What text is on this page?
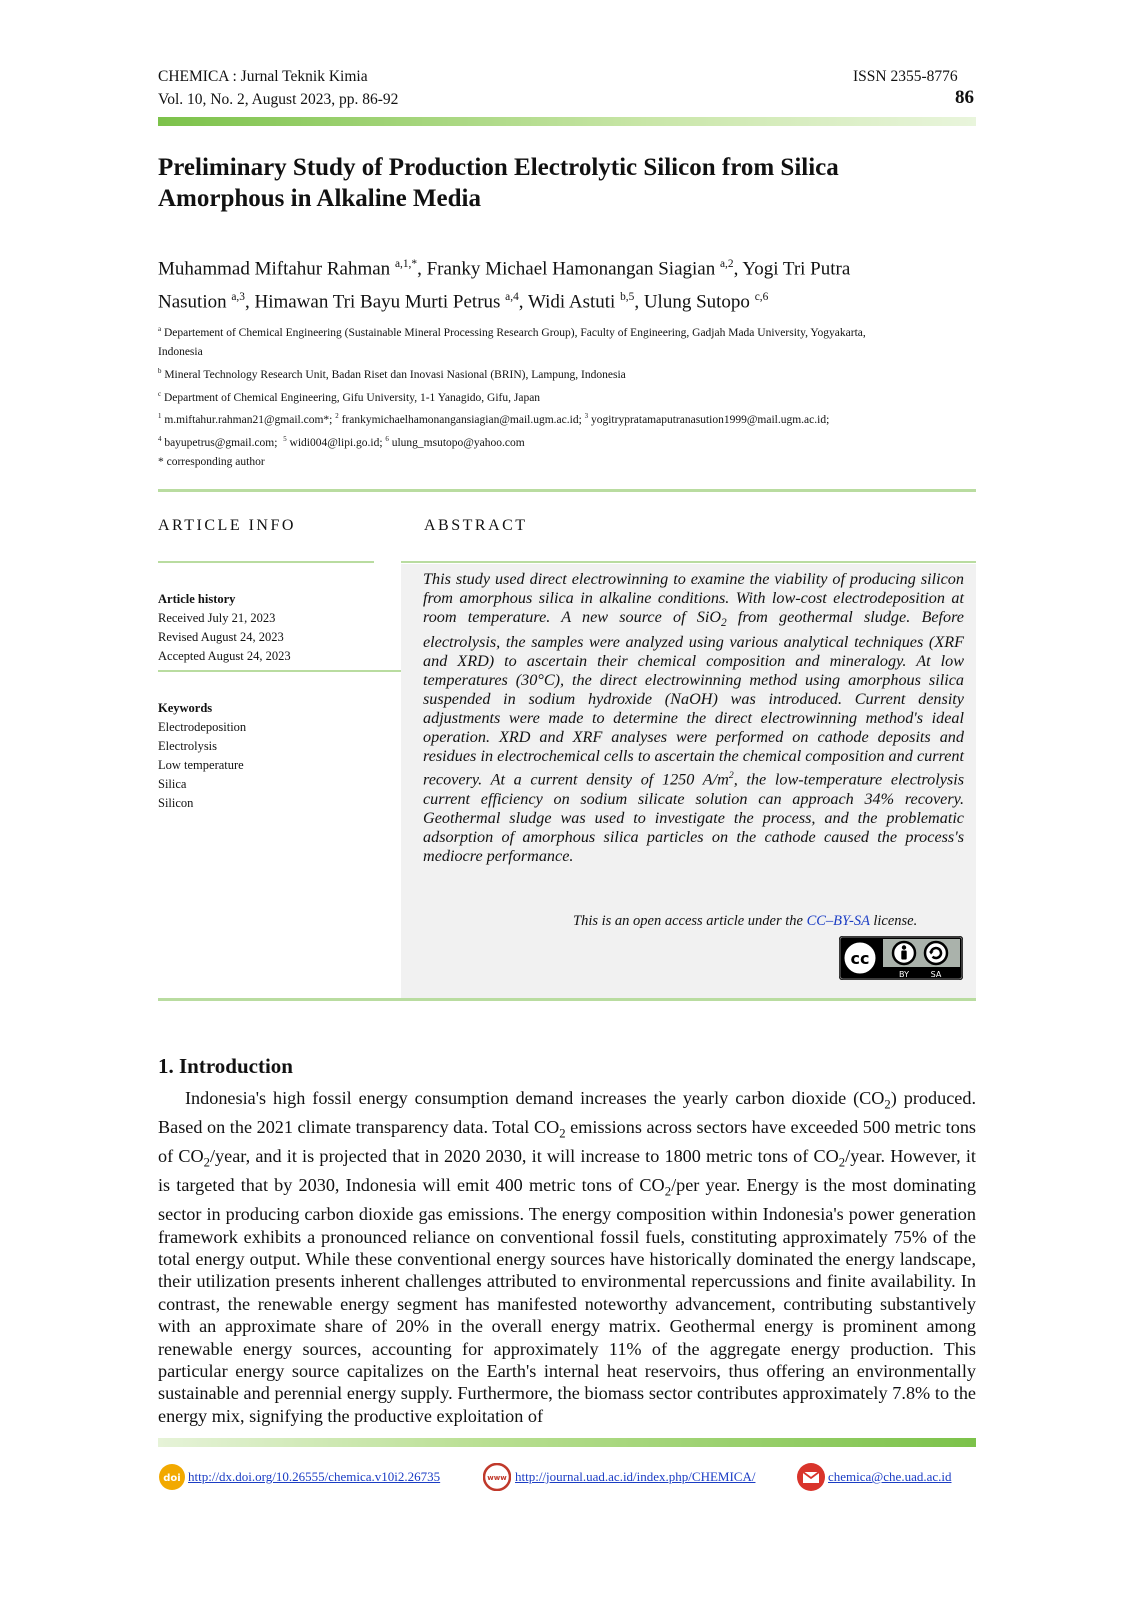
CHEMICA : Jurnal Teknik Kimia
Vol. 10, No. 2, August 2023, pp. 86-92
ISSN 2355-8776
86
Preliminary Study of Production Electrolytic Silicon from Silica
Amorphous in Alkaline Media
Muhammad Miftahur Rahman $^{a,1,*}$, Franky Michael Hamonangan Siagian $^{a,2}$, Yogi Tri Putra
Nasution $^{a,3}$, Himawan Tri Bayu Murti Petrus $^{a,4}$, Widi Astuti $^{b,5}$, Ulung Sutopo $^{c,6}$
$^a$ Departement of Chemical Engineering (Sustainable Mineral Processing Research Group), Faculty of Engineering, Gadjah Mada University, Yogyakarta,
Indonesia
$^b$ Mineral Technology Research Unit, Badan Riset dan Inovasi Nasional (BRIN), Lampung, Indonesia
$^c$ Department of Chemical Engineering, Gifu University, 1-1 Yanagido, Gifu, Japan
$^1$ m.miftahur.rahman21@gmail.com*; $^2$ frankymichaelhamonangansiagian@mail.ugm.ac.id; $^3$ yogitrypratamaputranasution1999@mail.ugm.ac.id;
$^4$ bayupetrus@gmail.com;  $^5$ widi004@lipi.go.id; $^6$ ulung_msutopo@yahoo.com
* corresponding author
ARTICLE INFO
Article history
Received July 21, 2023
Revised August 24, 2023
Accepted August 24, 2023
Keywords
Electrodeposition
Electrolysis
Low temperature
Silica
Silicon
ABSTRACT
This study used direct electrowinning to examine the viability of producing silicon from amorphous silica in alkaline conditions. With low-cost electrodeposition at room temperature. A new source of SiO$_2$ from geothermal sludge. Before electrolysis, the samples were analyzed using various analytical techniques (XRF and XRD) to ascertain their chemical composition and mineralogy. At low temperatures (30°C), the direct electrowinning method using amorphous silica suspended in sodium hydroxide (NaOH) was introduced. Current density adjustments were made to determine the direct electrowinning method's ideal operation. XRD and XRF analyses were performed on cathode deposits and residues in electrochemical cells to ascertain the chemical composition and current recovery. At a current density of 1250 $A/m^2$, the low-temperature electrolysis current efficiency on sodium silicate solution can approach 34% recovery. Geothermal sludge was used to investigate the process, and the problematic adsorption of amorphous silica particles on the cathode caused the process's mediocre performance.
This is an open access article under the CC–BY-SA license.
cc
BY	SA
1. Introduction
Indonesia's high fossil energy consumption demand increases the yearly carbon dioxide $(CO_2)$ produced. Based on the 2021 climate transparency data. Total $CO_2$ emissions across sectors have exceeded 500 metric tons of $CO_2$/year, and it is projected that in 2020 2030, it will increase to 1800 metric tons of $CO_2$/year. However, it is targeted that by 2030, Indonesia will emit 400 metric tons of $CO_2$/per year. Energy is the most dominating sector in producing carbon dioxide gas emissions. The energy composition within Indonesia's power generation framework exhibits a pronounced reliance on conventional fossil fuels, constituting approximately 75% of the total energy output. While these conventional energy sources have historically dominated the energy landscape, their utilization presents inherent challenges attributed to environmental repercussions and finite availability. In contrast, the renewable energy segment has manifested noteworthy advancement, contributing substantively with an approximate share of 20% in the overall energy matrix. Geothermal energy is prominent among renewable energy sources, accounting for approximately 11% of the aggregate energy production. This particular energy source capitalizes on the Earth's internal heat reservoirs, thus offering an environmentally sustainable and perennial energy supply. Furthermore, the biomass sector contributes approximately 7.8% to the energy mix, signifying the productive exploitation of
doi http://dx.doi.org/10.26555/chemica.v10i2.26735	www http://journal.uad.ac.id/index.php/CHEMICA/	chemica@che.uad.ac.id
